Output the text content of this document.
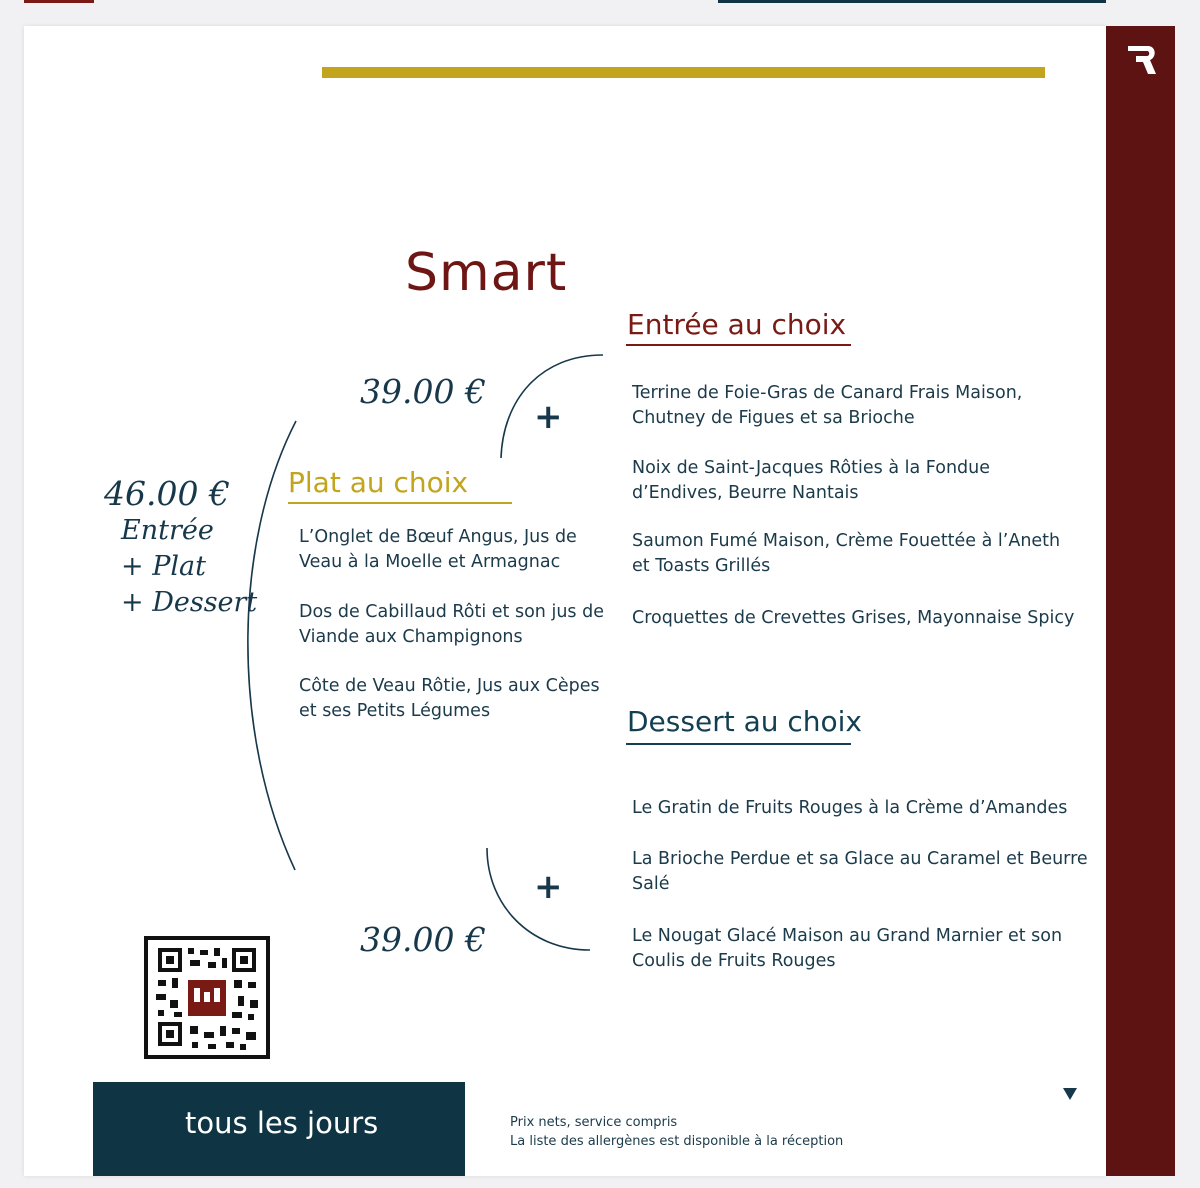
Smart
39.00 €
39.00 €
46.00 €
Entrée
+ Plat
+ Dessert
+
+
Entrée au choix
Plat au choix
Dessert au choix
Terrine de Foie-Gras de Canard Frais Maison,
Chutney de Figues et sa Brioche
Noix de Saint-Jacques Rôties à la Fondue
d’Endives, Beurre Nantais
Saumon Fumé Maison, Crème Fouettée à l’Aneth
et Toasts Grillés
Croquettes de Crevettes Grises, Mayonnaise Spicy
L’Onglet de Bœuf Angus, Jus de
Veau à la Moelle et Armagnac
Dos de Cabillaud Rôti et son jus de
Viande aux Champignons
Côte de Veau Rôtie, Jus aux Cèpes
et ses Petits Légumes
Le Gratin de Fruits Rouges à la Crème d’Amandes
La Brioche Perdue et sa Glace au Caramel et Beurre
Salé
Le Nougat Glacé Maison au Grand Marnier et son
Coulis de Fruits Rouges
tous les jours	Prix nets, service compris
La liste des allergènes est disponible à la réception
